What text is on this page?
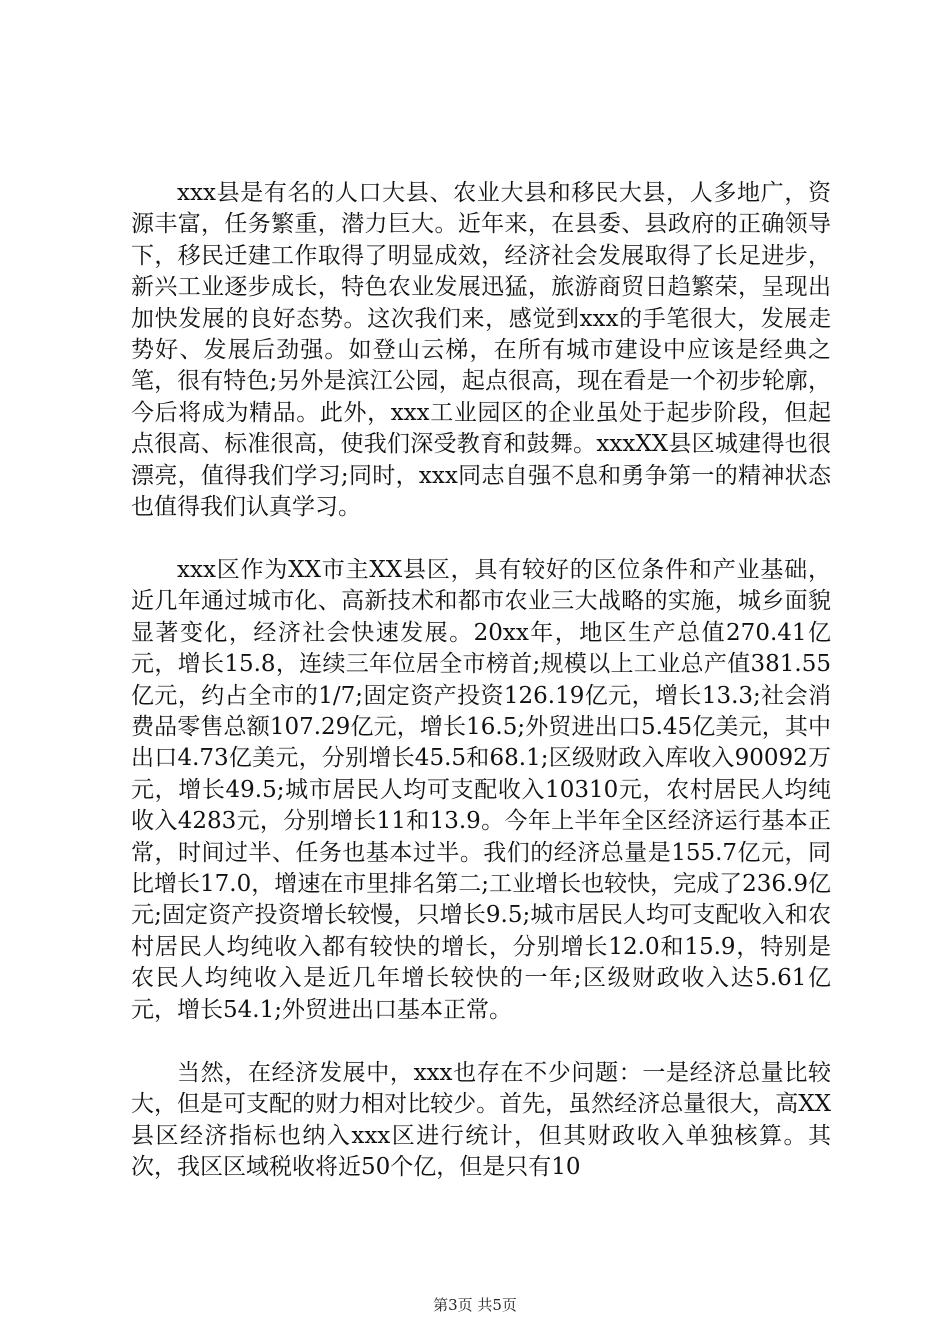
xxx县是有名的人口大县、农业大县和移民大县，人多地广，资源丰富，任务繁重，潜力巨大。近年来，在县委、县政府的正确领导下，移民迁建工作取得了明显成效，经济社会发展取得了长足进步，新兴工业逐步成长，特色农业发展迅猛，旅游商贸日趋繁荣，呈现出加快发展的良好态势。这次我们来，感觉到xxx的手笔很大，发展走势好、发展后劲强。如登山云梯，在所有城市建设中应该是经典之笔，很有特色;另外是滨江公园，起点很高，现在看是一个初步轮廓，今后将成为精品。此外，xxx工业园区的企业虽处于起步阶段，但起点很高、标准很高，使我们深受教育和鼓舞。xxxXX县区城建得也很漂亮，值得我们学习;同时，xxx同志自强不息和勇争第一的精神状态也值得我们认真学习。

xxx区作为XX市主XX县区，具有较好的区位条件和产业基础，近几年通过城市化、高新技术和都市农业三大战略的实施，城乡面貌显著变化，经济社会快速发展。20xx年，地区生产总值270.41亿元，增长15.8，连续三年位居全市榜首;规模以上工业总产值381.55亿元，约占全市的1/7;固定资产投资126.19亿元，增长13.3;社会消费品零售总额107.29亿元，增长16.5;外贸进出口5.45亿美元，其中出口4.73亿美元，分别增长45.5和68.1;区级财政入库收入90092万元，增长49.5;城市居民人均可支配收入10310元，农村居民人均纯收入4283元，分别增长11和13.9。今年上半年全区经济运行基本正常，时间过半、任务也基本过半。我们的经济总量是155.7亿元，同比增长17.0，增速在市里排名第二;工业增长也较快，完成了236.9亿元;固定资产投资增长较慢，只增长9.5;城市居民人均可支配收入和农村居民人均纯收入都有较快的增长，分别增长12.0和15.9，特别是农民人均纯收入是近几年增长较快的一年;区级财政收入达5.61亿元，增长54.1;外贸进出口基本正常。

当然，在经济发展中，xxx也存在不少问题：一是经济总量比较大，但是可支配的财力相对比较少。首先，虽然经济总量很大，高XX县区经济指标也纳入xxx区进行统计，但其财政收入单独核算。其次，我区区域税收将近50个亿，但是只有10

第3页 共5页
